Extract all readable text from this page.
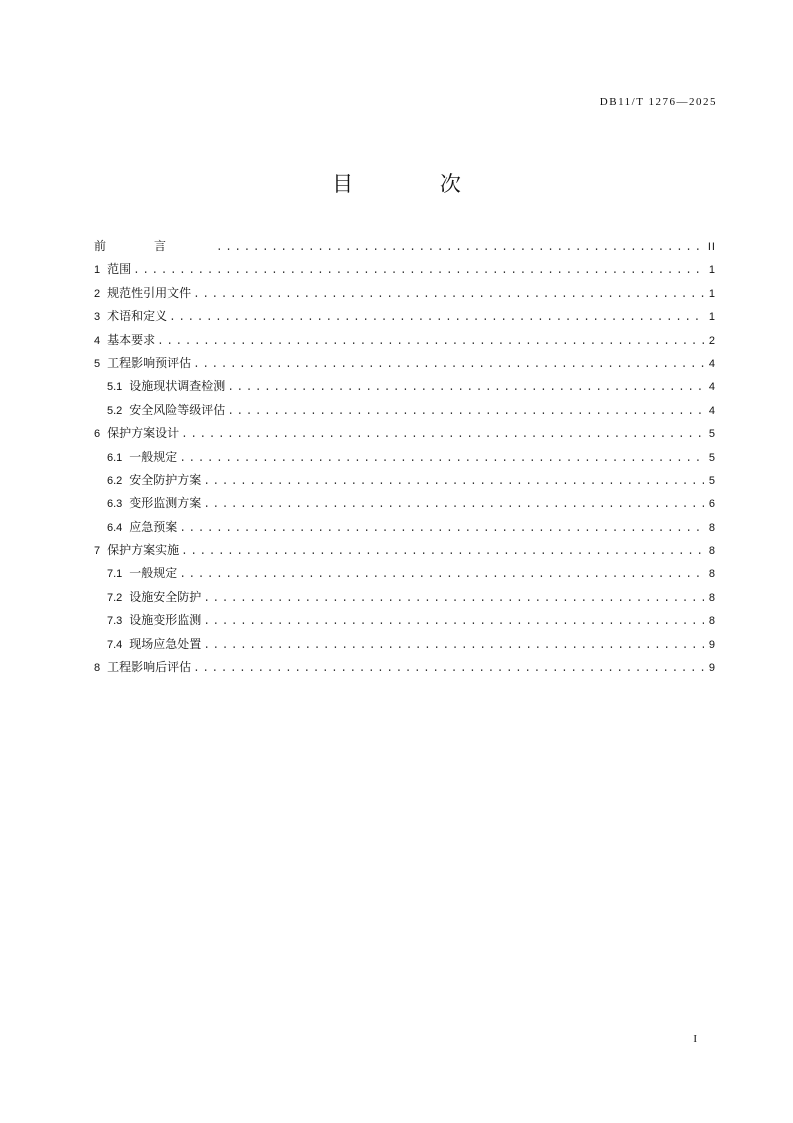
DB11/T 1276—2025
目 次
前言 .....	II
1 范围 .....	1
2 规范性引用文件 .....	1
3 术语和定义 .....	1
4 基本要求 .....	2
5 工程影响预评估 .....	4
5.1 设施现状调查检测 .....	4
5.2 安全风险等级评估 .....	4
6 保护方案设计 .....	5
6.1 一般规定 .....	5
6.2 安全防护方案 .....	5
6.3 变形监测方案 .....	6
6.4 应急预案 .....	8
7 保护方案实施 .....	8
7.1 一般规定 .....	8
7.2 设施安全防护 .....	8
7.3 设施变形监测 .....	8
7.4 现场应急处置 .....	9
8 工程影响后评估 .....	9
I
